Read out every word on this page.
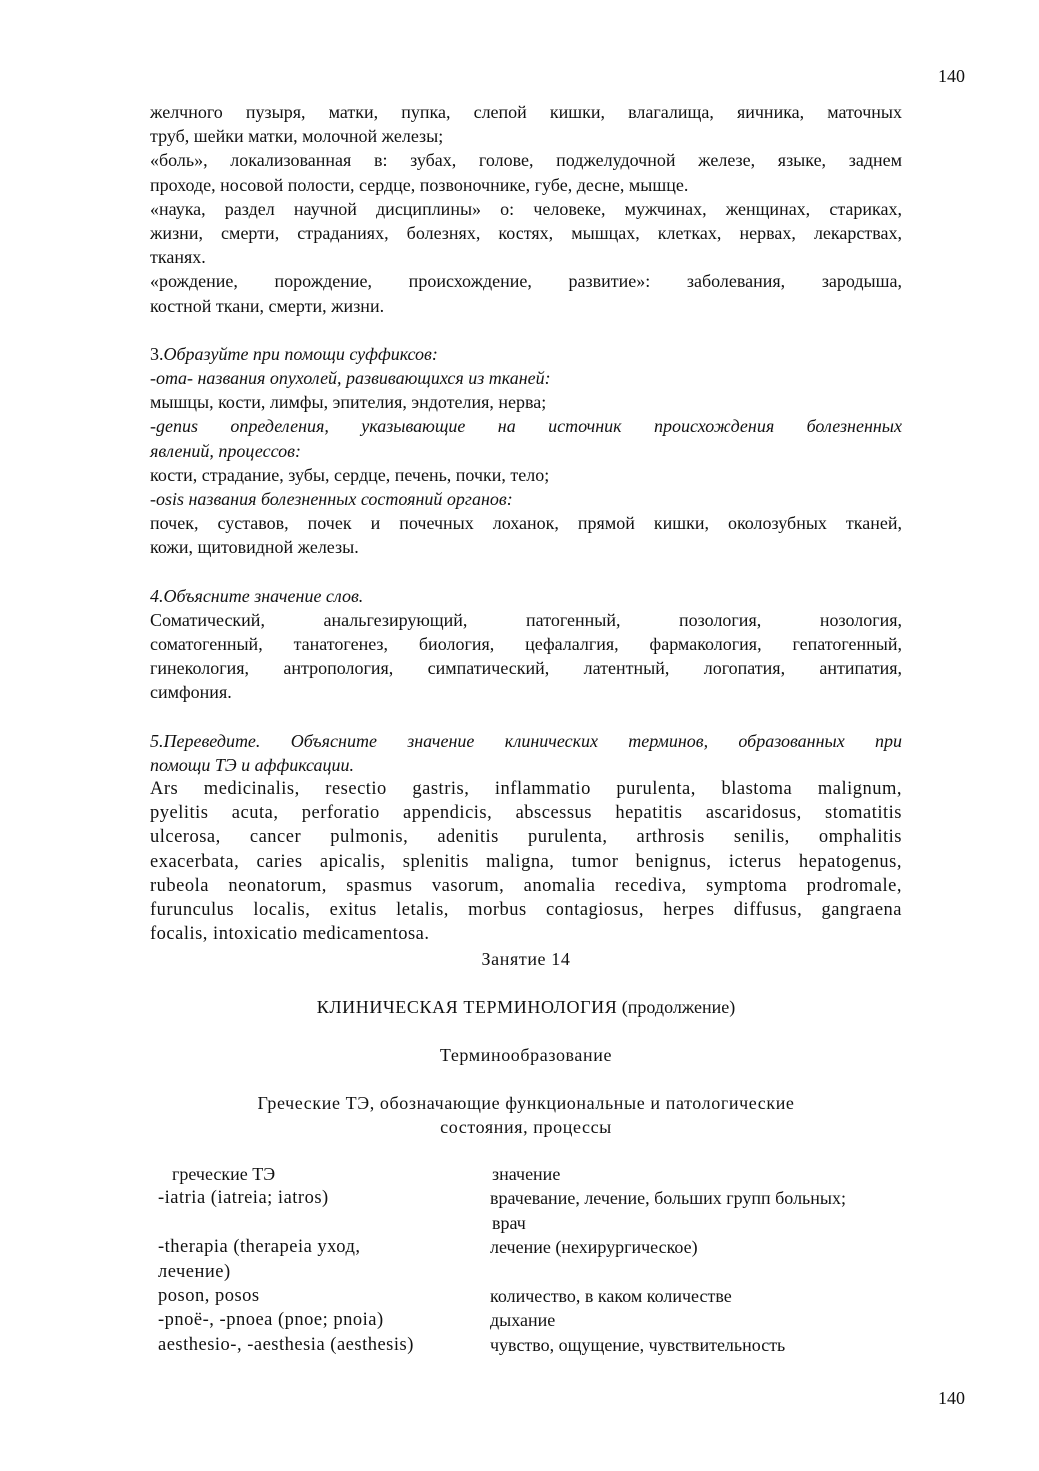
140

желчного пузыря, матки, пупка, слепой кишки, влагалища, яичника, маточных

труб, шейки матки, молочной железы;

«боль», локализованная в: зубах, голове, поджелудочной железе, языке, заднем

проходе, носовой полости, сердце, позвоночнике, губе, десне, мышце.

«наука, раздел научной дисциплины» о: человеке, мужчинах, женщинах, стариках,

жизни, смерти, страданиях, болезнях, костях, мышцах, клетках, нервах, лекарствах,

тканях.

«рождение, порождение, происхождение, развитие»: заболевания, зародыша,

костной ткани, смерти, жизни.

3.Образуйте при помощи суффиксов:

-oma- названия опухолей, развивающихся из тканей:

мышцы, кости, лимфы, эпителия, эндотелия, нерва;

-genus определения, указывающие на источник происхождения болезненных

явлений, процессов:

кости, страдание, зубы, сердце, печень, почки, тело;

-osis названия болезненных состояний органов:

почек, суставов, почек и почечных лоханок, прямой кишки, околозубных тканей,

кожи, щитовидной железы.

4.Объясните значение слов.

Соматический, анальгезирующий, патогенный, позология, нозология,

соматогенный, танатогенез, биология, цефалалгия, фармакология, гепатогенный,

гинекология, антропология, симпатический, латентный, логопатия, антипатия,

симфония.

5.Переведите. Объясните значение клинических терминов, образованных при

помощи ТЭ и аффиксации.

Ars medicinalis, resectio gastris, inflammatio purulenta, blastoma malignum,

pyelitis acuta, perforatio appendicis, abscessus hepatitis ascaridosus, stomatitis

ulcerosa, cancer pulmonis, adenitis purulenta, arthrosis senilis, omphalitis

exacerbata, caries apicalis, splenitis maligna, tumor benignus, icterus hepatogenus,

rubeola neonatorum, spasmus vasorum, anomalia recediva, symptoma prodromale,

furunculus localis, exitus letalis, morbus contagiosus, herpes diffusus, gangraena

focalis, intoxicatio medicamentosa.

Занятие 14

КЛИНИЧЕСКАЯ ТЕРМИНОЛОГИЯ (продолжение)

Терминообразование

Греческие ТЭ, обозначающие функциональные и патологические

состояния, процессы

греческие ТЭ	значение
-iatria (iatreia; iatros)	врачевание, лечение, больших групп больных;
врач
-therapia (therapeia уход,	лечение (нехирургическое)
лечение)
poson, posos	количество, в каком количестве
-pnoё-, -pnoea (pnoe; pnoia)	дыхание
aesthesio-, -aesthesia (aesthesis)	чувство, ощущение, чувствительность
140
